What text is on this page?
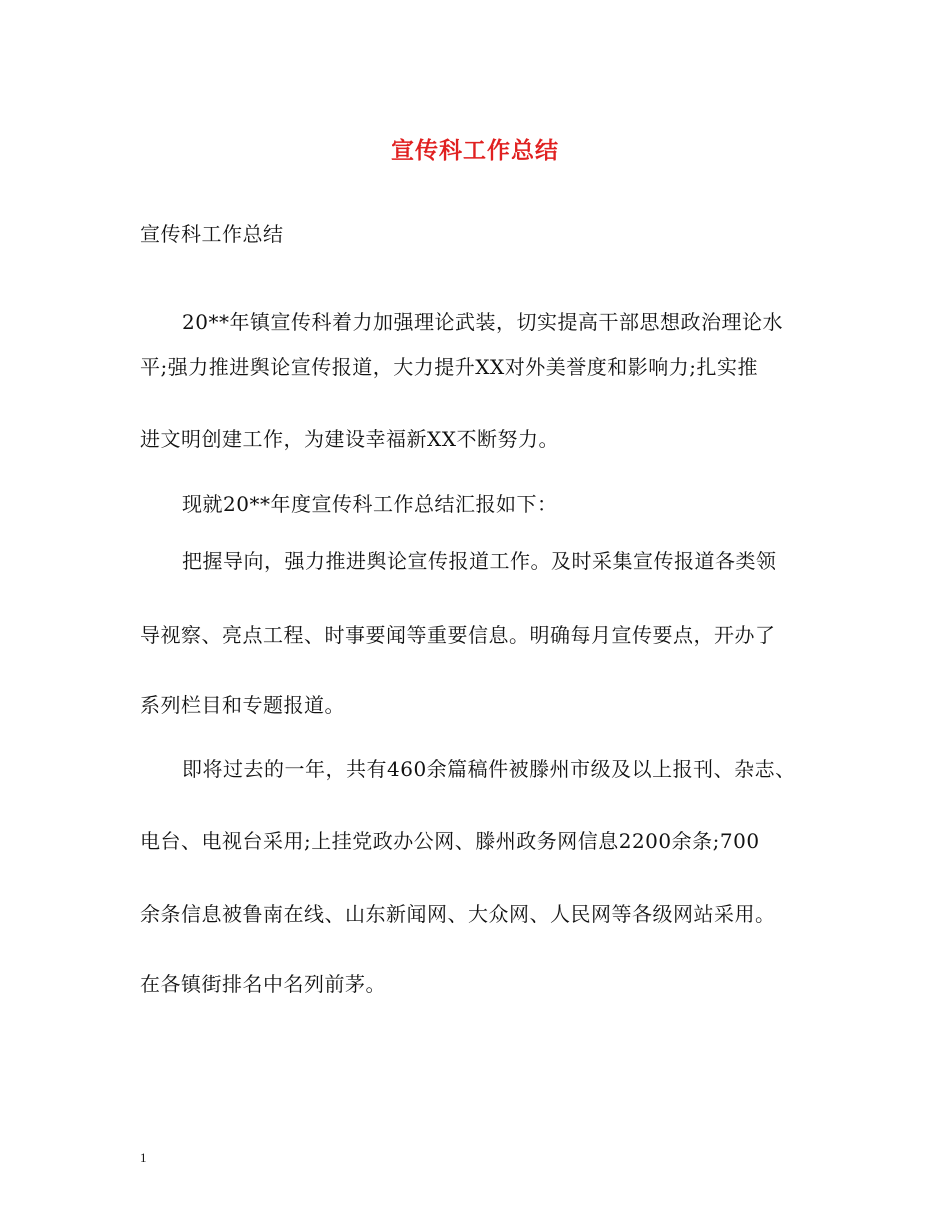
宣传科工作总结
宣传科工作总结
20**年镇宣传科着力加强理论武装，切实提高干部思想政治理论水
平;强力推进舆论宣传报道，大力提升XX对外美誉度和影响力;扎实推
进文明创建工作，为建设幸福新XX不断努力。
现就20**年度宣传科工作总结汇报如下：
把握导向，强力推进舆论宣传报道工作。及时采集宣传报道各类领
导视察、亮点工程、时事要闻等重要信息。明确每月宣传要点，开办了
系列栏目和专题报道。
即将过去的一年，共有460余篇稿件被滕州市级及以上报刊、杂志、
电台、电视台采用;上挂党政办公网、滕州政务网信息2200余条;700
余条信息被鲁南在线、山东新闻网、大众网、人民网等各级网站采用。
在各镇街排名中名列前茅。
1
